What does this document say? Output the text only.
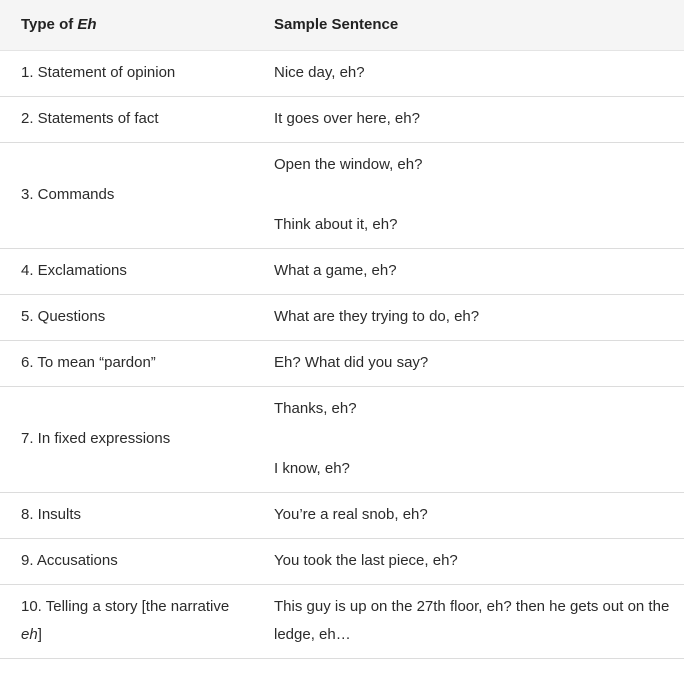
Type of Eh	Sample Sentence
1. Statement of opinion	Nice day, eh?
2. Statements of fact	It goes over here, eh?
3. Commands	Open the window, eh?
Think about it, eh?

4. Exclamations	What a game, eh?
5. Questions	What are they trying to do, eh?
6. To mean “pardon”	Eh? What did you say?
7. In fixed expressions	Thanks, eh?
I know, eh?

8. Insults	You’re a real snob, eh?
9. Accusations	You took the last piece, eh?
10. Telling a story [the narrative eh]	This guy is up on the 27th floor, eh? then he gets out on the ledge, eh…
